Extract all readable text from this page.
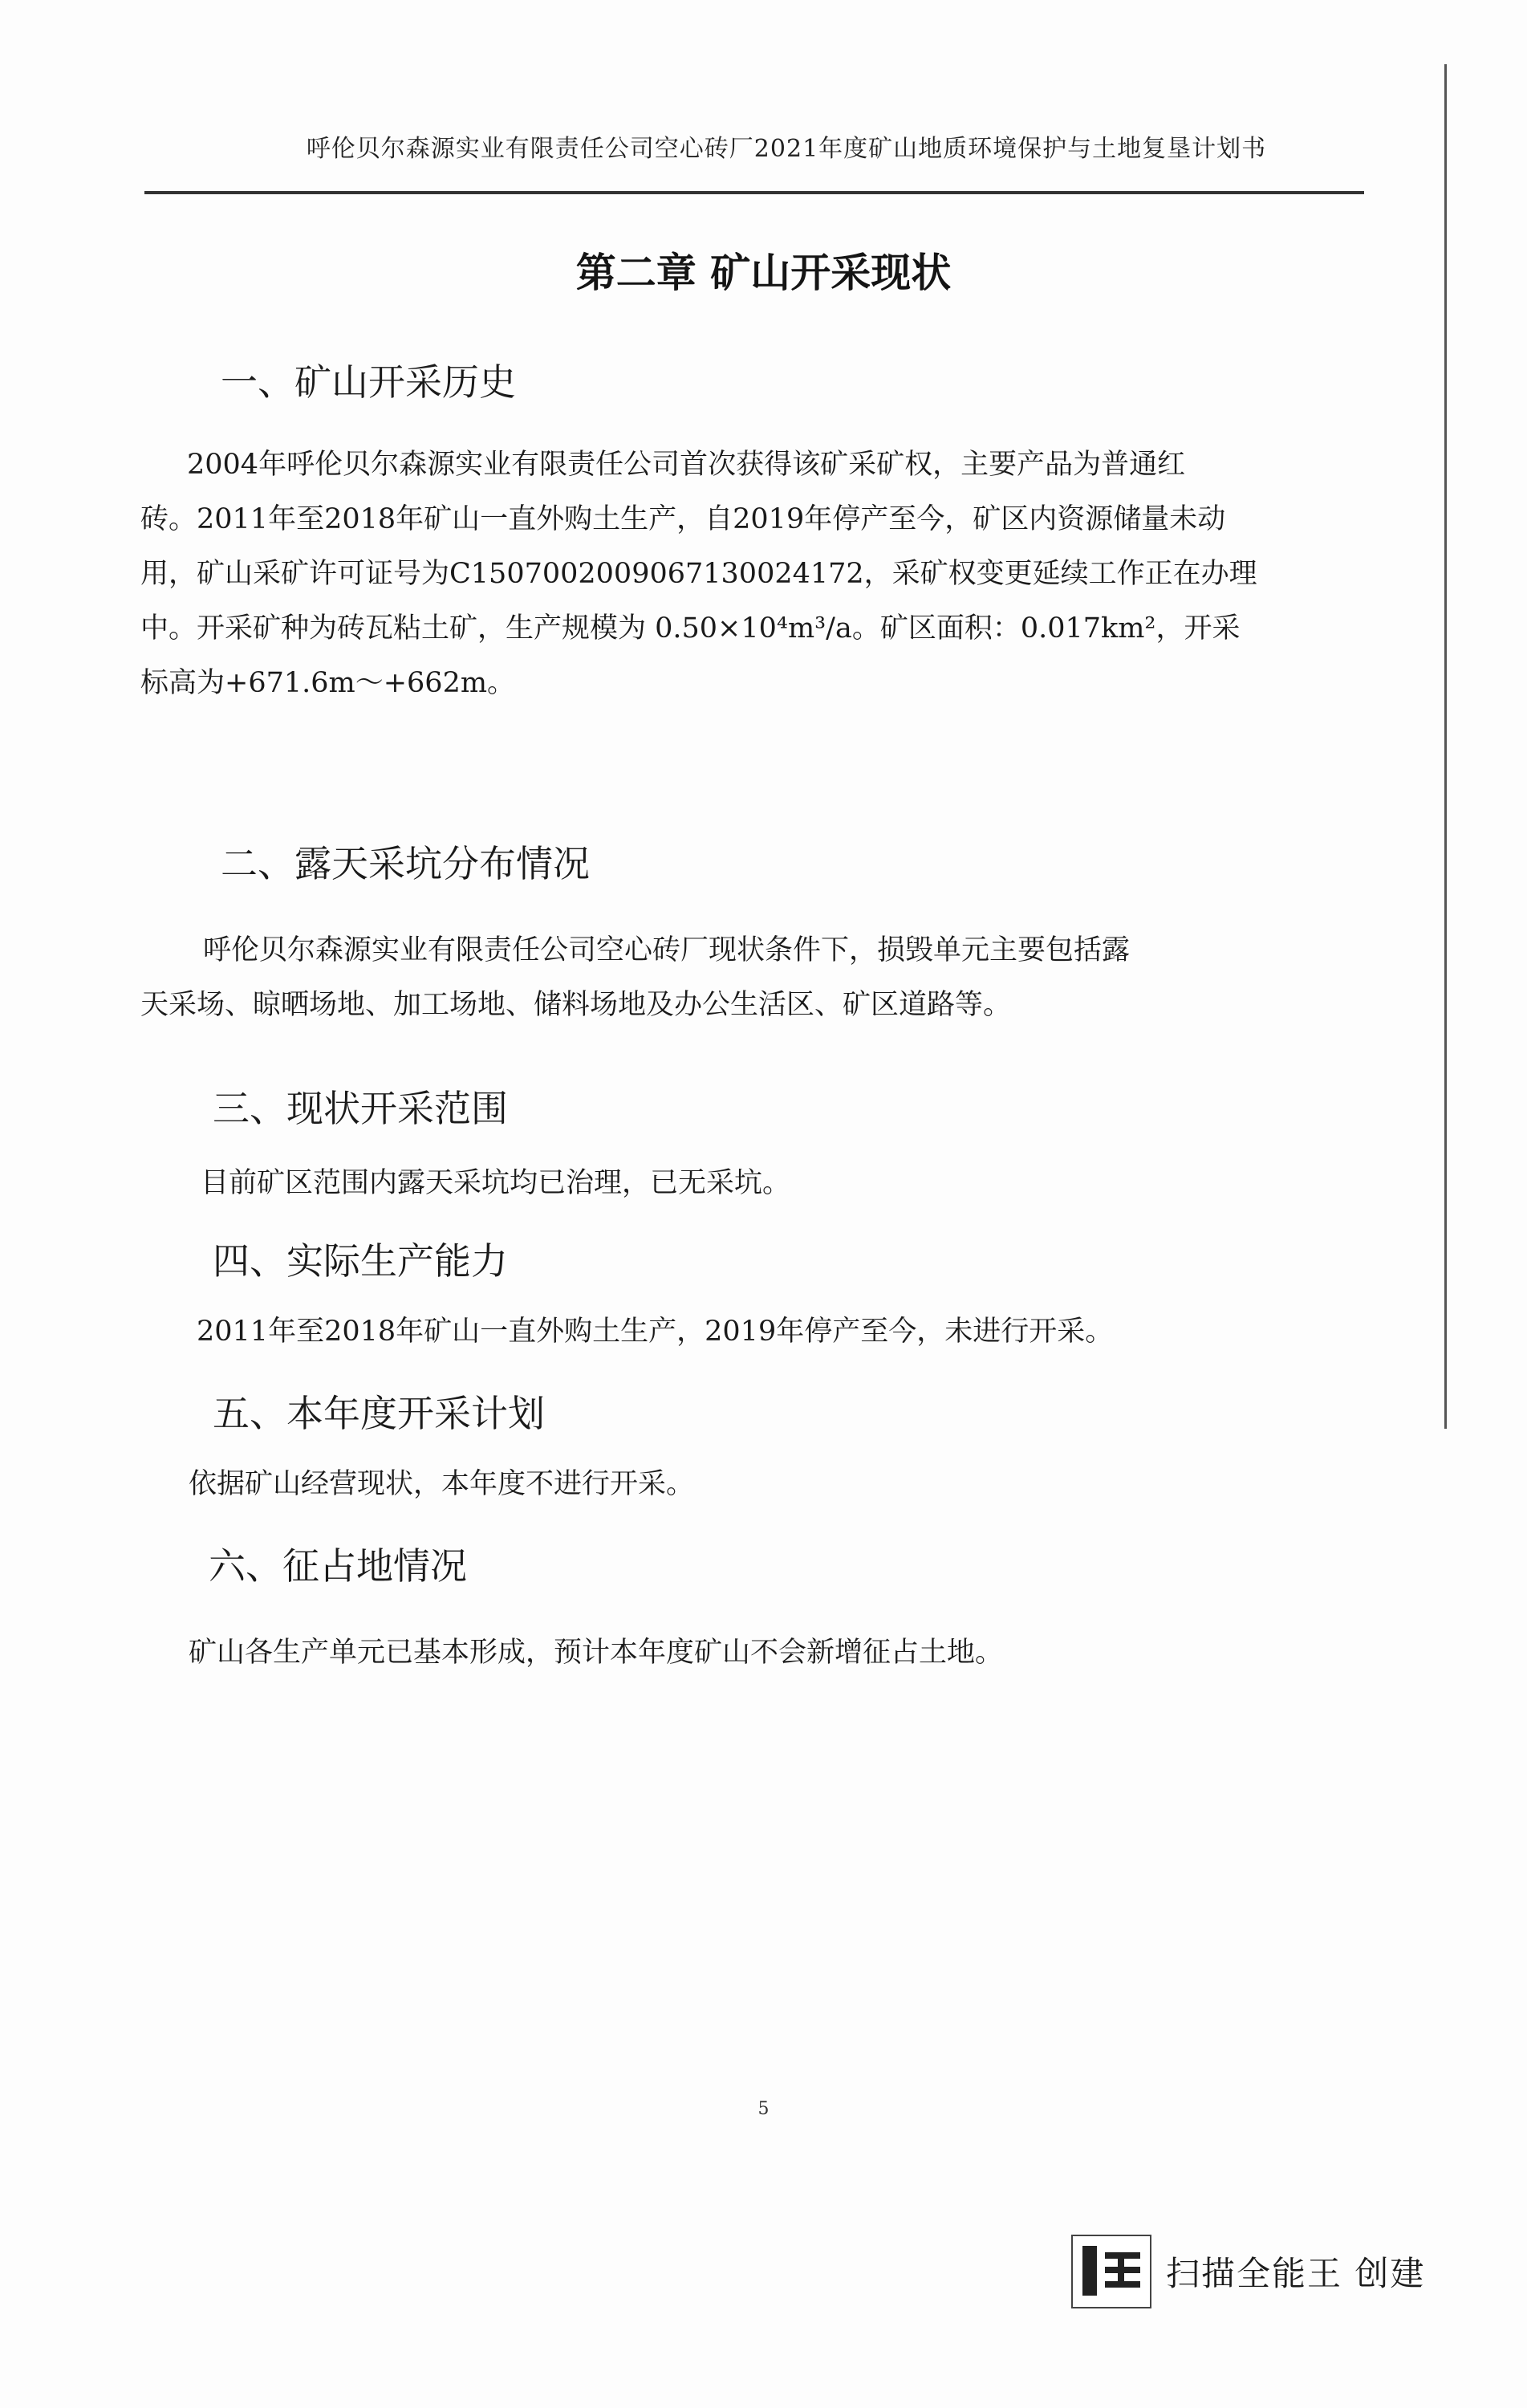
呼伦贝尔森源实业有限责任公司空心砖厂2021年度矿山地质环境保护与土地复垦计划书
第二章 矿山开采现状
一、矿山开采历史
2004年呼伦贝尔森源实业有限责任公司首次获得该矿采矿权，主要产品为普通红
砖。2011年至2018年矿山一直外购土生产，自2019年停产至今，矿区内资源储量未动
用，矿山采矿许可证号为C1507002009067130024172，采矿权变更延续工作正在办理
中。开采矿种为砖瓦粘土矿，生产规模为 0.50×10⁴m³/a。矿区面积：0.017km²，开采
标高为+671.6m～+662m。
二、露天采坑分布情况
呼伦贝尔森源实业有限责任公司空心砖厂现状条件下，损毁单元主要包括露
天采场、晾晒场地、加工场地、储料场地及办公生活区、矿区道路等。
三、现状开采范围
目前矿区范围内露天采坑均已治理，已无采坑。
四、实际生产能力
2011年至2018年矿山一直外购土生产，2019年停产至今，未进行开采。
五、本年度开采计划
依据矿山经营现状，本年度不进行开采。
六、征占地情况
矿山各生产单元已基本形成，预计本年度矿山不会新增征占土地。
5
扫描全能王 创建
